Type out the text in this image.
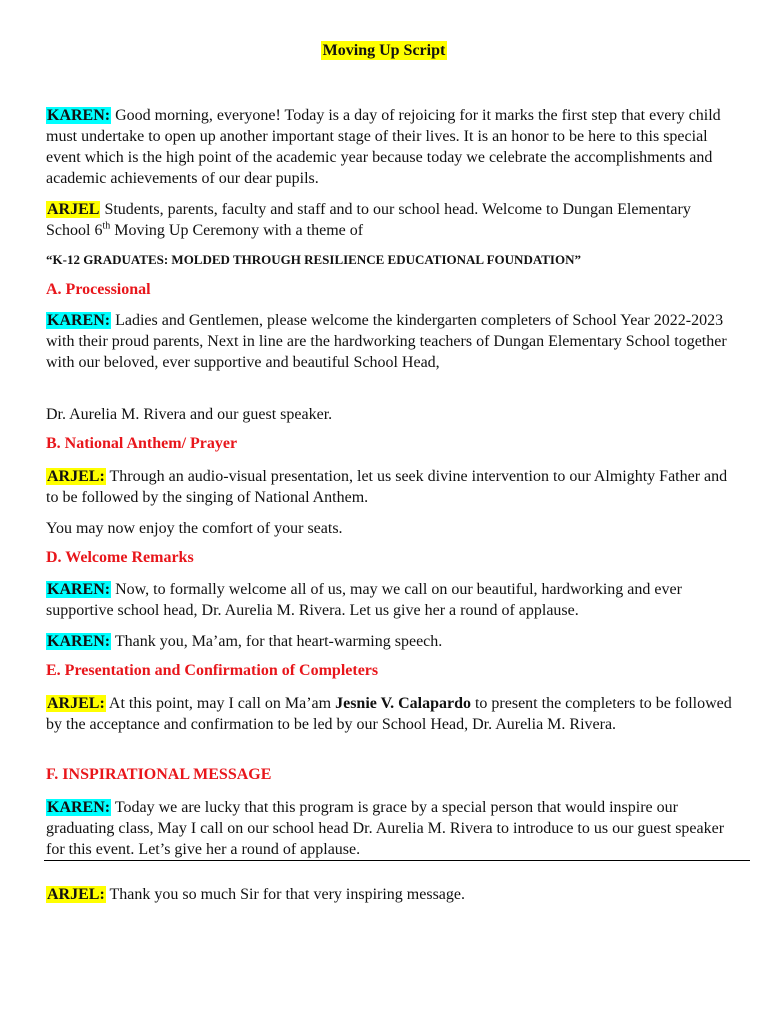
Moving Up Script
KAREN: Good morning, everyone! Today is a day of rejoicing for it marks the first step that every child must undertake to open up another important stage of their lives. It is an honor to be here to this special event which is the high point of the academic year because today we celebrate the accomplishments and academic achievements of our dear pupils.
ARJEL Students, parents, faculty and staff and to our school head. Welcome to Dungan Elementary School 6th Moving Up Ceremony with a theme of
“K-12 GRADUATES: MOLDED THROUGH RESILIENCE EDUCATIONAL FOUNDATION”
A. Processional
KAREN: Ladies and Gentlemen, please welcome the kindergarten completers of School Year 2022-2023 with their proud parents, Next in line are the hardworking teachers of Dungan Elementary School together with our beloved, ever supportive and beautiful School Head,
Dr. Aurelia M. Rivera and our guest speaker.
B. National Anthem/ Prayer
ARJEL: Through an audio-visual presentation, let us seek divine intervention to our Almighty Father and to be followed by the singing of National Anthem.
You may now enjoy the comfort of your seats.
D. Welcome Remarks
KAREN: Now, to formally welcome all of us, may we call on our beautiful, hardworking and ever supportive school head, Dr. Aurelia M. Rivera. Let us give her a round of applause.
KAREN: Thank you, Ma’am, for that heart-warming speech.
E. Presentation and Confirmation of Completers
ARJEL: At this point, may I call on Ma’am Jesnie V. Calapardo to present the completers to be followed by the acceptance and confirmation to be led by our School Head, Dr. Aurelia M. Rivera.
F. INSPIRATIONAL MESSAGE
KAREN: Today we are lucky that this program is grace by a special person that would inspire our graduating class, May I call on our school head Dr. Aurelia M. Rivera to introduce to us our guest speaker for this event. Let’s give her a round of applause.
ARJEL: Thank you so much Sir for that very inspiring message.
